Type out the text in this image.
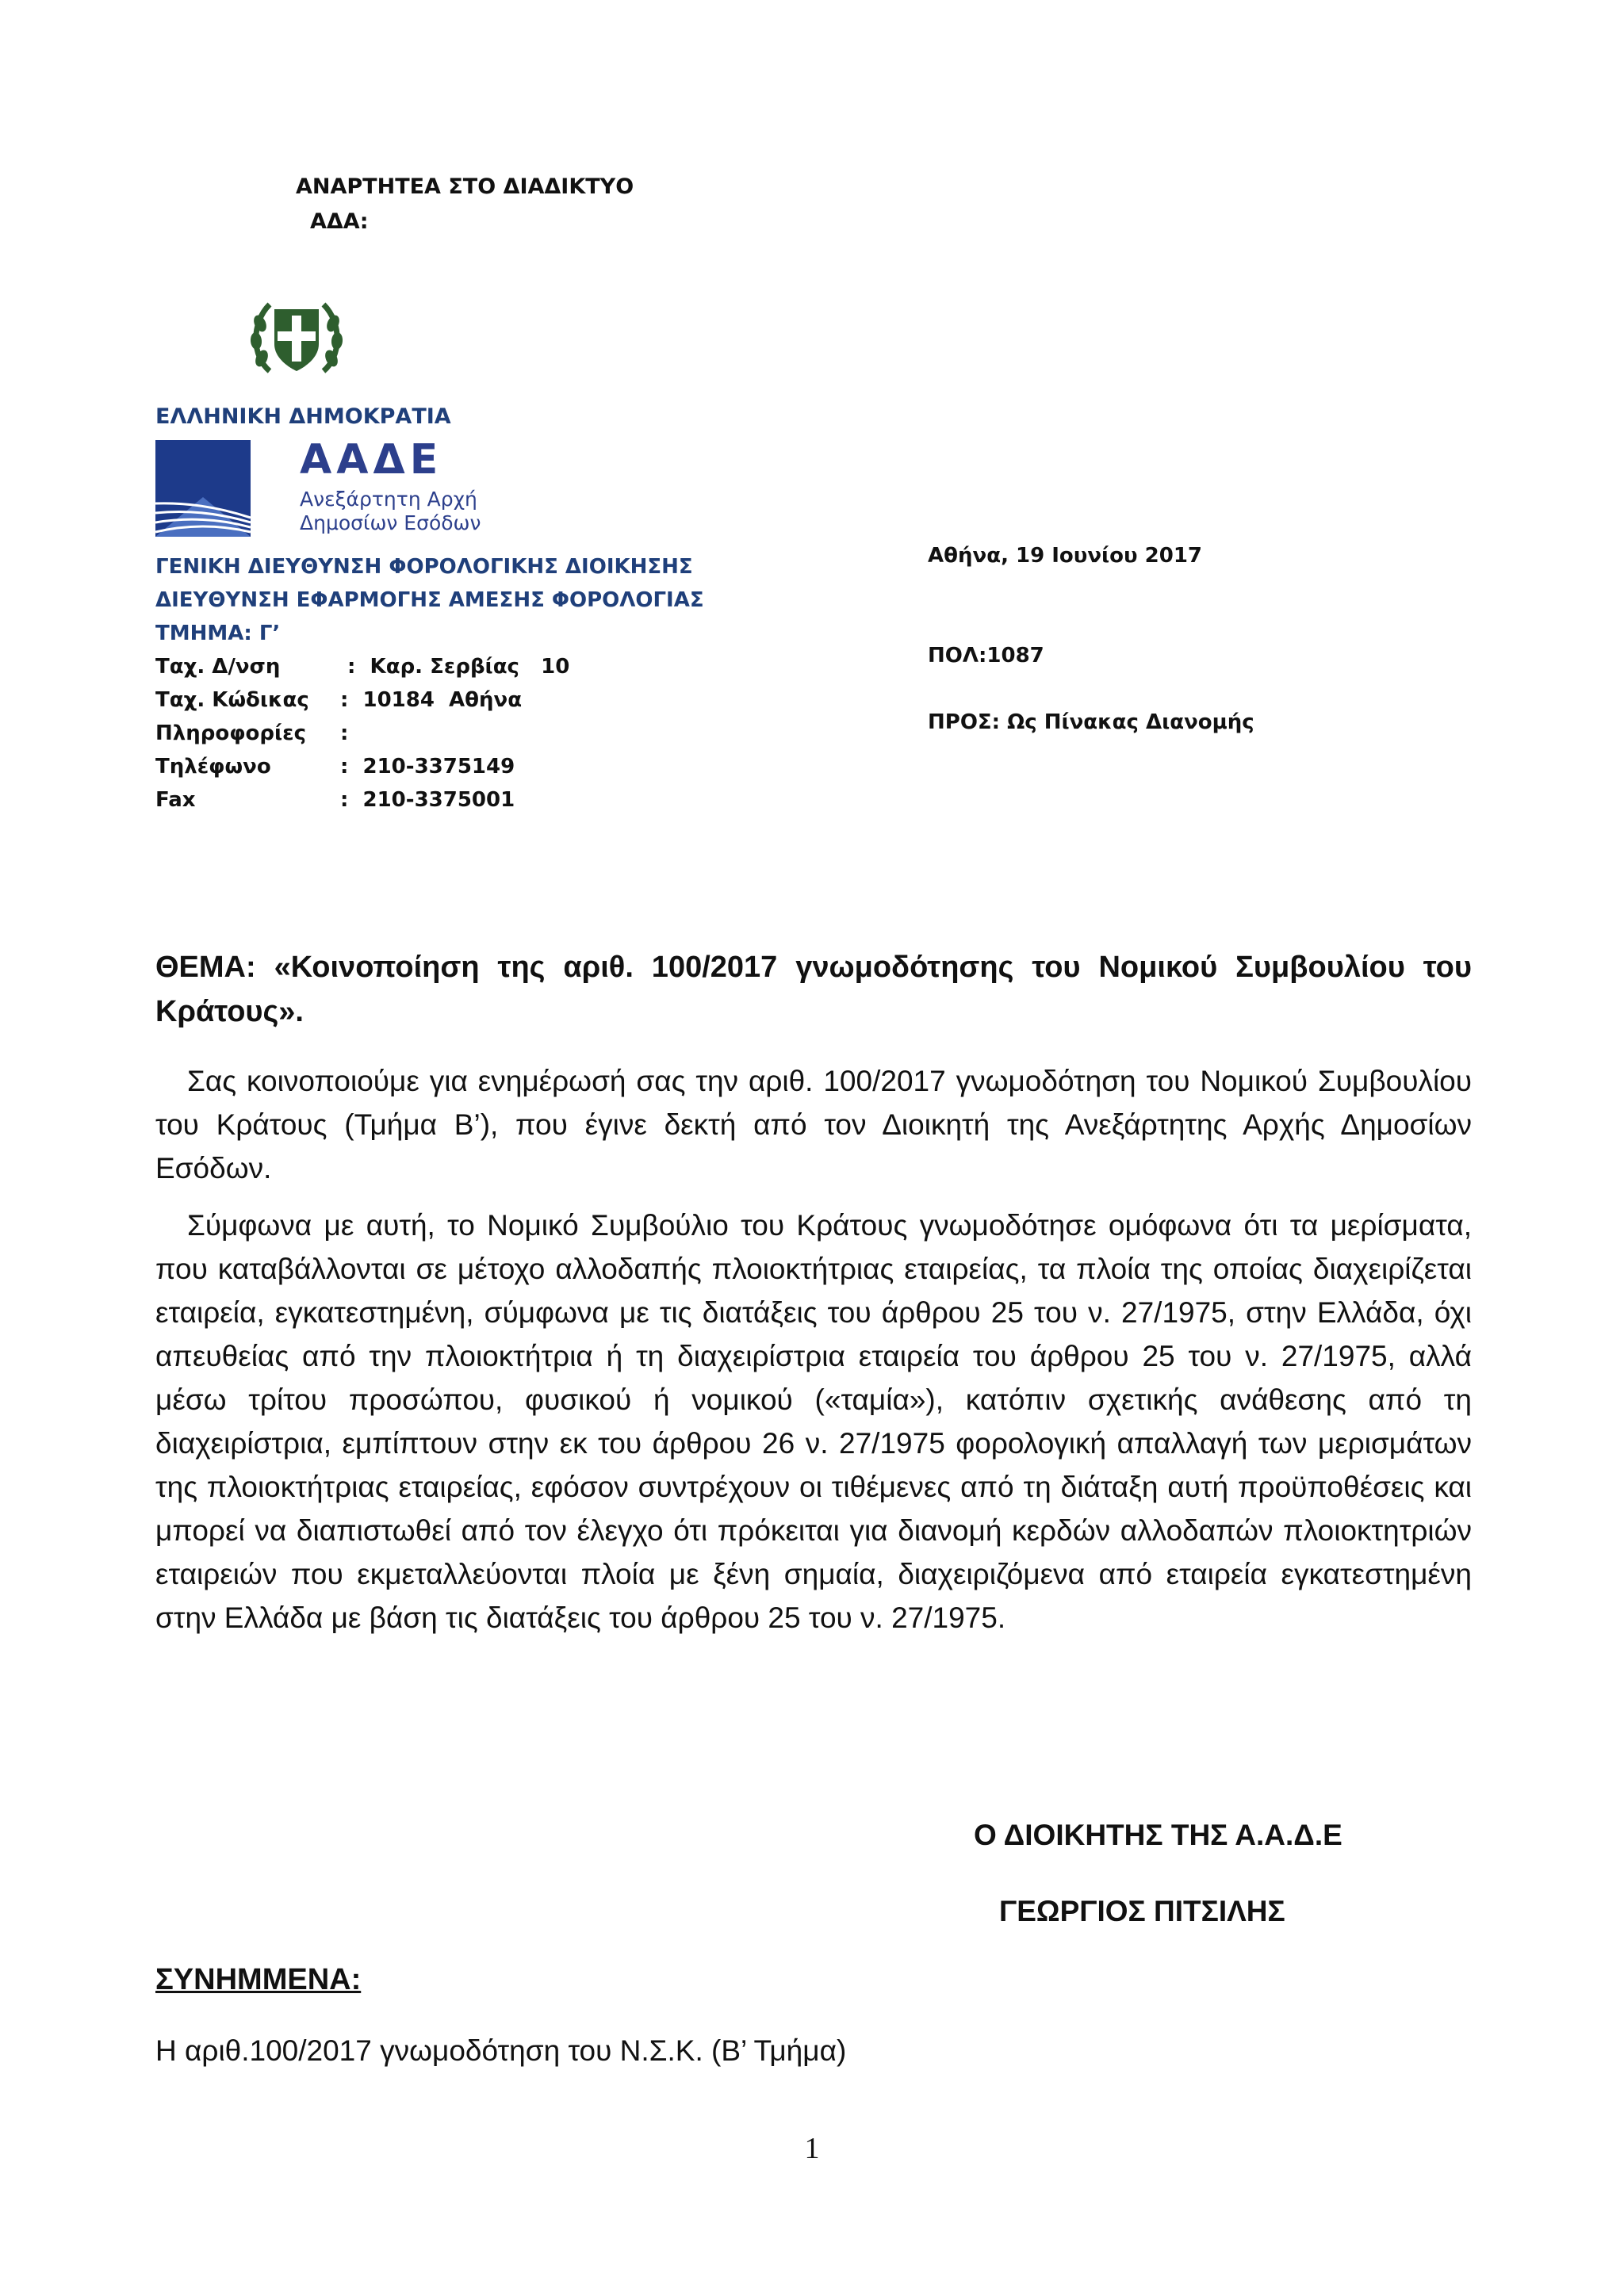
ΑΝΑΡΤΗΤΕΑ ΣΤΟ ΔΙΑΔΙΚΤΥΟ
ΑΔΑ:
ΕΛΛΗΝΙΚΗ ΔΗΜΟΚΡΑΤΙΑ
ΑΑΔΕ
Ανεξάρτητη Αρχή
Δημοσίων Εσόδων
ΓΕΝΙΚΗ ΔΙΕΥΘΥΝΣΗ ΦΟΡΟΛΟΓΙΚΗΣ ΔΙΟΙΚΗΣΗΣ
ΔΙΕΥΘΥΝΣΗ ΕΦΑΡΜΟΓΗΣ ΑΜΕΣΗΣ ΦΟΡΟΛΟΓΙΑΣ
ΤΜΗΜΑ: Γ’
Ταχ. Δ/νση	:  Καρ. Σερβίας   10
Ταχ. Κώδικας	:  10184  Αθήνα
Πληροφορίες	:
Τηλέφωνο	:  210-3375149
Fax	:  210-3375001
Αθήνα, 19 Ιουνίου 2017
ΠΟΛ:1087
ΠΡΟΣ: Ως Πίνακας Διανομής
ΘΕΜΑ: «Κοινοποίηση της αριθ. 100/2017 γνωμοδότησης του Νομικού Συμβουλίου του Κράτους».
Σας κοινοποιούμε για ενημέρωσή σας την αριθ. 100/2017 γνωμοδότηση του Νομικού Συμβουλίου του Κράτους (Τμήμα Β’), που έγινε δεκτή από τον Διοικητή της Ανεξάρτητης Αρχής Δημοσίων Εσόδων.
Σύμφωνα με αυτή, το Νομικό Συμβούλιο του Κράτους γνωμοδότησε ομόφωνα ότι τα μερίσματα, που καταβάλλονται σε μέτοχο αλλοδαπής πλοιοκτήτριας εταιρείας, τα πλοία της οποίας διαχειρίζεται εταιρεία, εγκατεστημένη, σύμφωνα με τις διατάξεις του άρθρου 25 του ν. 27/1975, στην Ελλάδα, όχι απευθείας από την πλοιοκτήτρια ή τη διαχειρίστρια εταιρεία του άρθρου 25 του ν. 27/1975, αλλά μέσω τρίτου προσώπου, φυσικού ή νομικού («ταμία»), κατόπιν σχετικής ανάθεσης από τη διαχειρίστρια, εμπίπτουν στην εκ του άρθρου 26 ν. 27/1975 φορολογική απαλλαγή των μερισμάτων της πλοιοκτήτριας εταιρείας, εφόσον συντρέχουν οι τιθέμενες από τη διάταξη αυτή προϋποθέσεις και μπορεί να διαπιστωθεί από τον έλεγχο ότι πρόκειται για διανομή κερδών αλλοδαπών πλοιοκτητριών εταιρειών που εκμεταλλεύονται πλοία με ξένη σημαία, διαχειριζόμενα από εταιρεία εγκατεστημένη στην Ελλάδα με βάση τις διατάξεις του άρθρου 25 του ν. 27/1975.
Ο ΔΙΟΙΚΗΤΗΣ ΤΗΣ Α.Α.Δ.Ε
ΓΕΩΡΓΙΟΣ ΠΙΤΣΙΛΗΣ
ΣΥΝΗΜΜΕΝΑ:
Η αριθ.100/2017 γνωμοδότηση του Ν.Σ.Κ. (Β’ Τμήμα)
1
